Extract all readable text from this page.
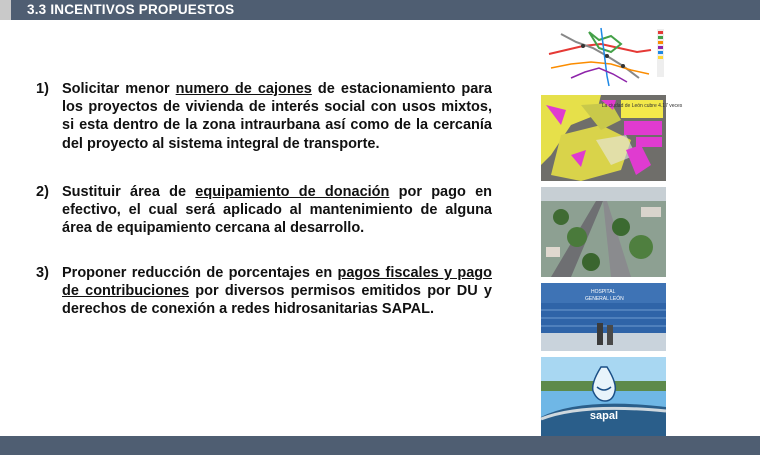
3.3 INCENTIVOS PROPUESTOS
1) Solicitar menor numero de cajones de estacionamiento para los proyectos de vivienda de interés social con usos mixtos, si esta dentro de la zona intraurbana así como de la cercanía del proyecto al sistema integral de transporte.
2) Sustituir área de equipamiento de donación por pago en efectivo, el cual será aplicado al mantenimiento de alguna área de equipamiento cercana al desarrollo.
3) Proponer reducción de porcentajes en pagos fiscales y pago de contribuciones por diversos permisos emitidos por DU y derechos de conexión a redes hidrosanitarias SAPAL.
La ciudad de León cubre 4.17 veces
HOSPITAL
GENERAL LEÓN
sapal
